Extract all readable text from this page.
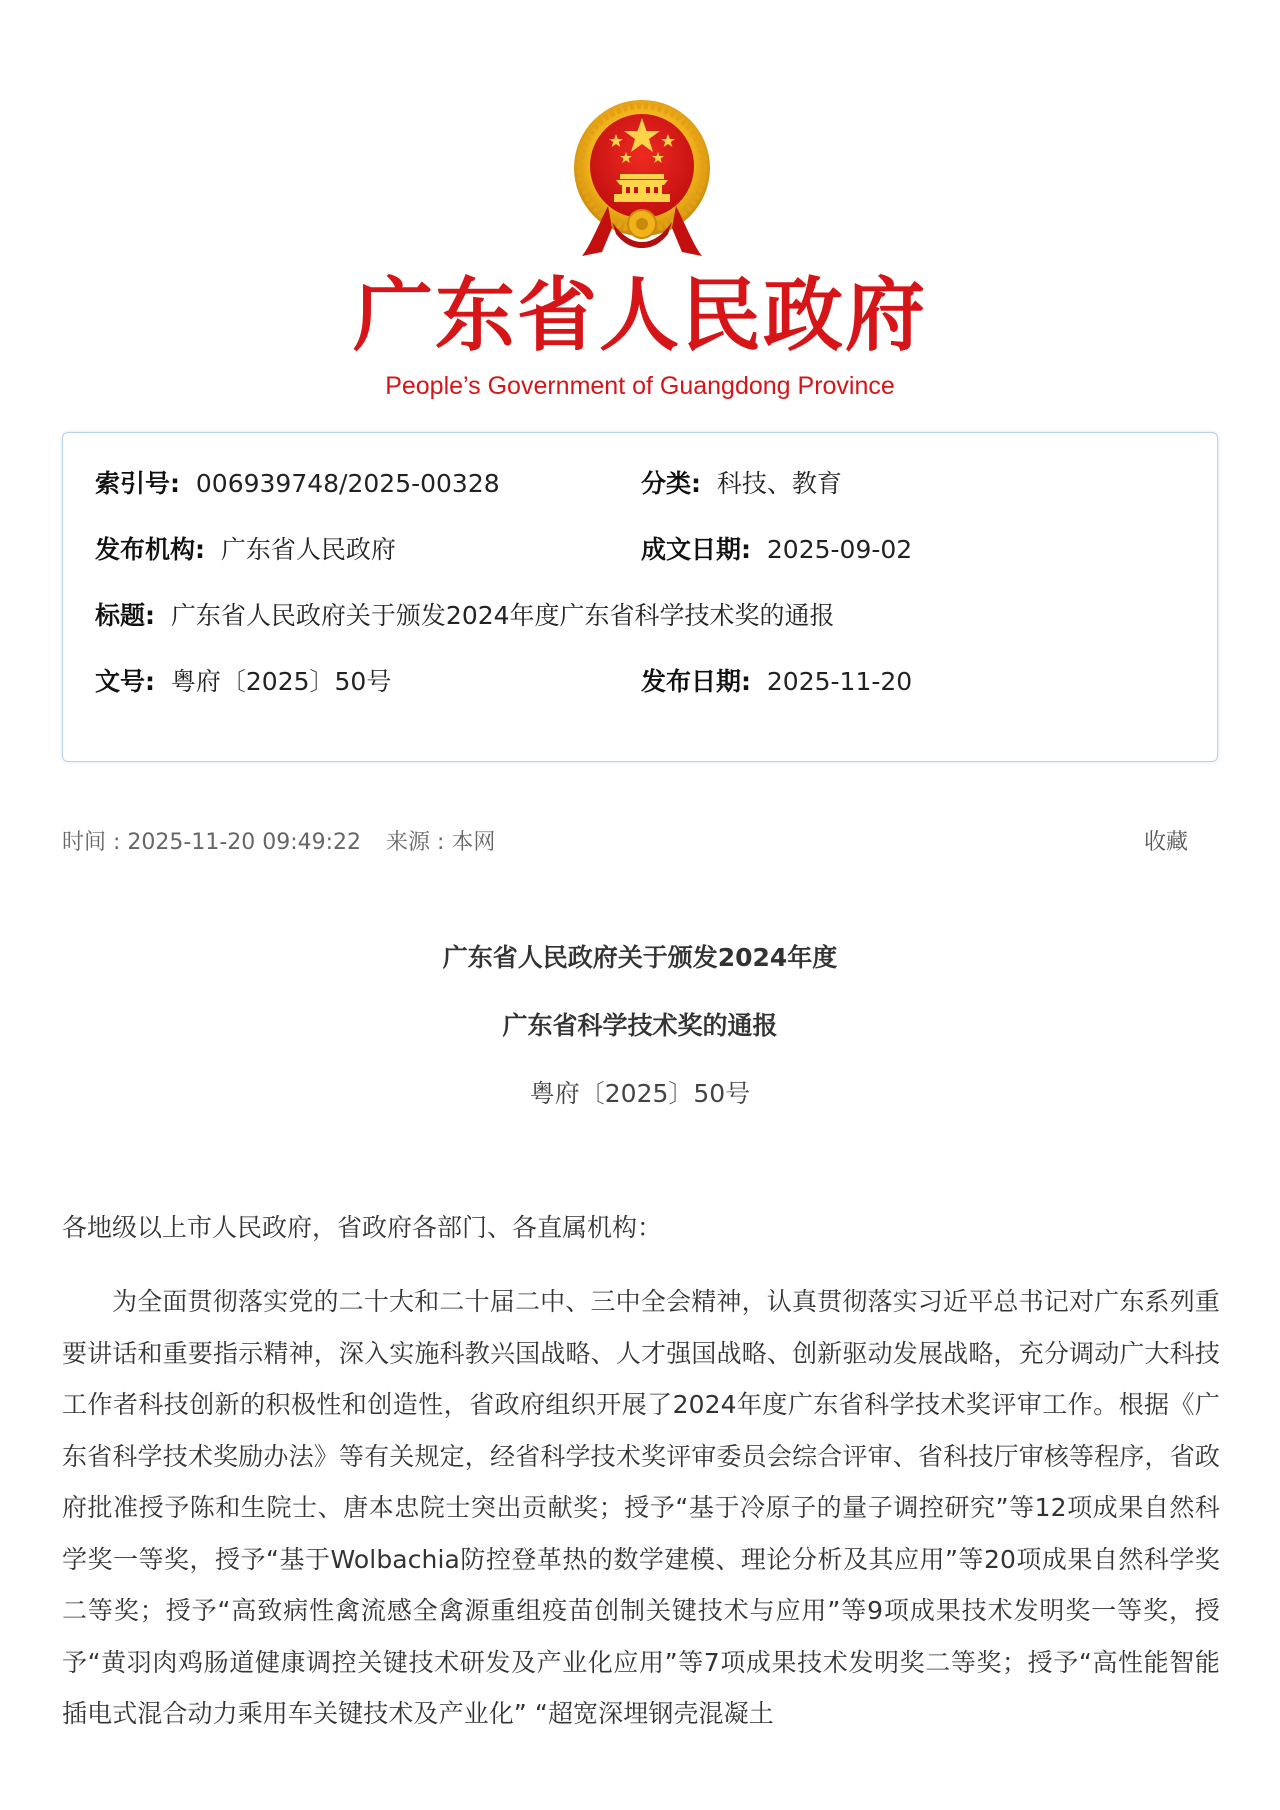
广东省人民政府
People’s Government of Guangdong Province
索引号: 006939748/2025-00328	分类: 科技、教育
发布机构: 广东省人民政府	成文日期: 2025-09-02
标题: 广东省人民政府关于颁发2024年度广东省科学技术奖的通报
文号: 粤府〔2025〕50号	发布日期: 2025-11-20
时间 : 2025-11-20 09:49:22 来源 : 本网	收藏
广东省人民政府关于颁发2024年度
广东省科学技术奖的通报
粤府〔2025〕50号
各地级以上市人民政府，省政府各部门、各直属机构：
为全面贯彻落实党的二十大和二十届二中、三中全会精神，认真贯彻落实习近平总书记对广东系列重要讲话和重要指示精神，深入实施科教兴国战略、人才强国战略、创新驱动发展战略，充分调动广大科技工作者科技创新的积极性和创造性，省政府组织开展了2024年度广东省科学技术奖评审工作。根据《广东省科学技术奖励办法》等有关规定，经省科学技术奖评审委员会综合评审、省科技厅审核等程序，省政府批准授予陈和生院士、唐本忠院士突出贡献奖；授予“基于冷原子的量子调控研究”等12项成果自然科学奖一等奖，授予“基于Wolbachia防控登革热的数学建模、理论分析及其应用”等20项成果自然科学奖二等奖；授予“高致病性禽流感全禽源重组疫苗创制关键技术与应用”等9项成果技术发明奖一等奖，授予“黄羽肉鸡肠道健康调控关键技术研发及产业化应用”等7项成果技术发明奖二等奖；授予“高性能智能插电式混合动力乘用车关键技术及产业化” “超宽深埋钢壳混凝土
